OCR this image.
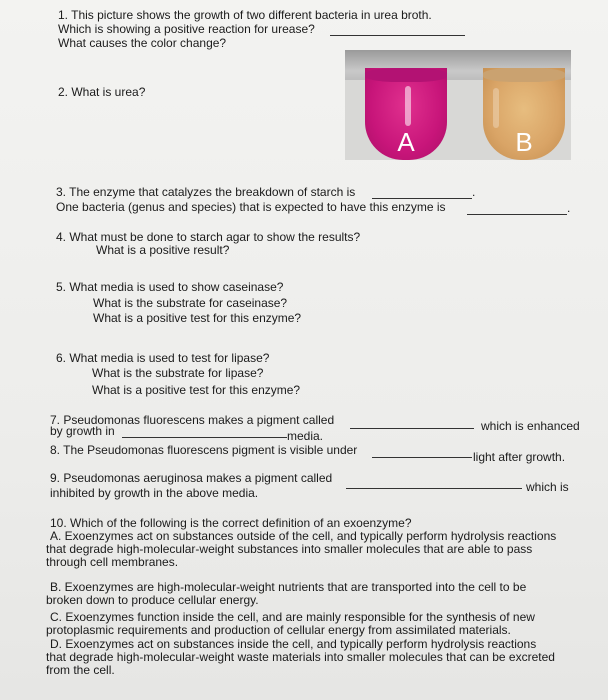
1. This picture shows the growth of two different bacteria in urea broth.
Which is showing a positive reaction for urease?
What causes the color change?
2. What is urea?
A	B
3. The enzyme that catalyzes the breakdown of starch is	.
One bacteria (genus and species) that is expected to have this enzyme is	.
4. What must be done to starch agar to show the results?
What is a positive result?
5. What media is used to show caseinase?
What is the substrate for caseinase?
What is a positive test for this enzyme?
6. What media is used to test for lipase?
What is the substrate for lipase?
What is a positive test for this enzyme?
7. Pseudomonas fluorescens makes a pigment called	which is enhanced
by growth in	media.
8. The Pseudomonas fluorescens pigment is visible under	light after growth.
9. Pseudomonas aeruginosa makes a pigment called
which is
inhibited by growth in the above media.
10. Which of the following is the correct definition of an exoenzyme?
A. Exoenzymes act on substances outside of the cell, and typically perform hydrolysis reactions
that degrade high-molecular-weight substances into smaller molecules that are able to pass
through cell membranes.
B. Exoenzymes are high-molecular-weight nutrients that are transported into the cell to be
broken down to produce cellular energy.
C. Exoenzymes function inside the cell, and are mainly responsible for the synthesis of new
protoplasmic requirements and production of cellular energy from assimilated materials.
D. Exoenzymes act on substances inside the cell, and typically perform hydrolysis reactions
that degrade high-molecular-weight waste materials into smaller molecules that can be excreted
from the cell.
